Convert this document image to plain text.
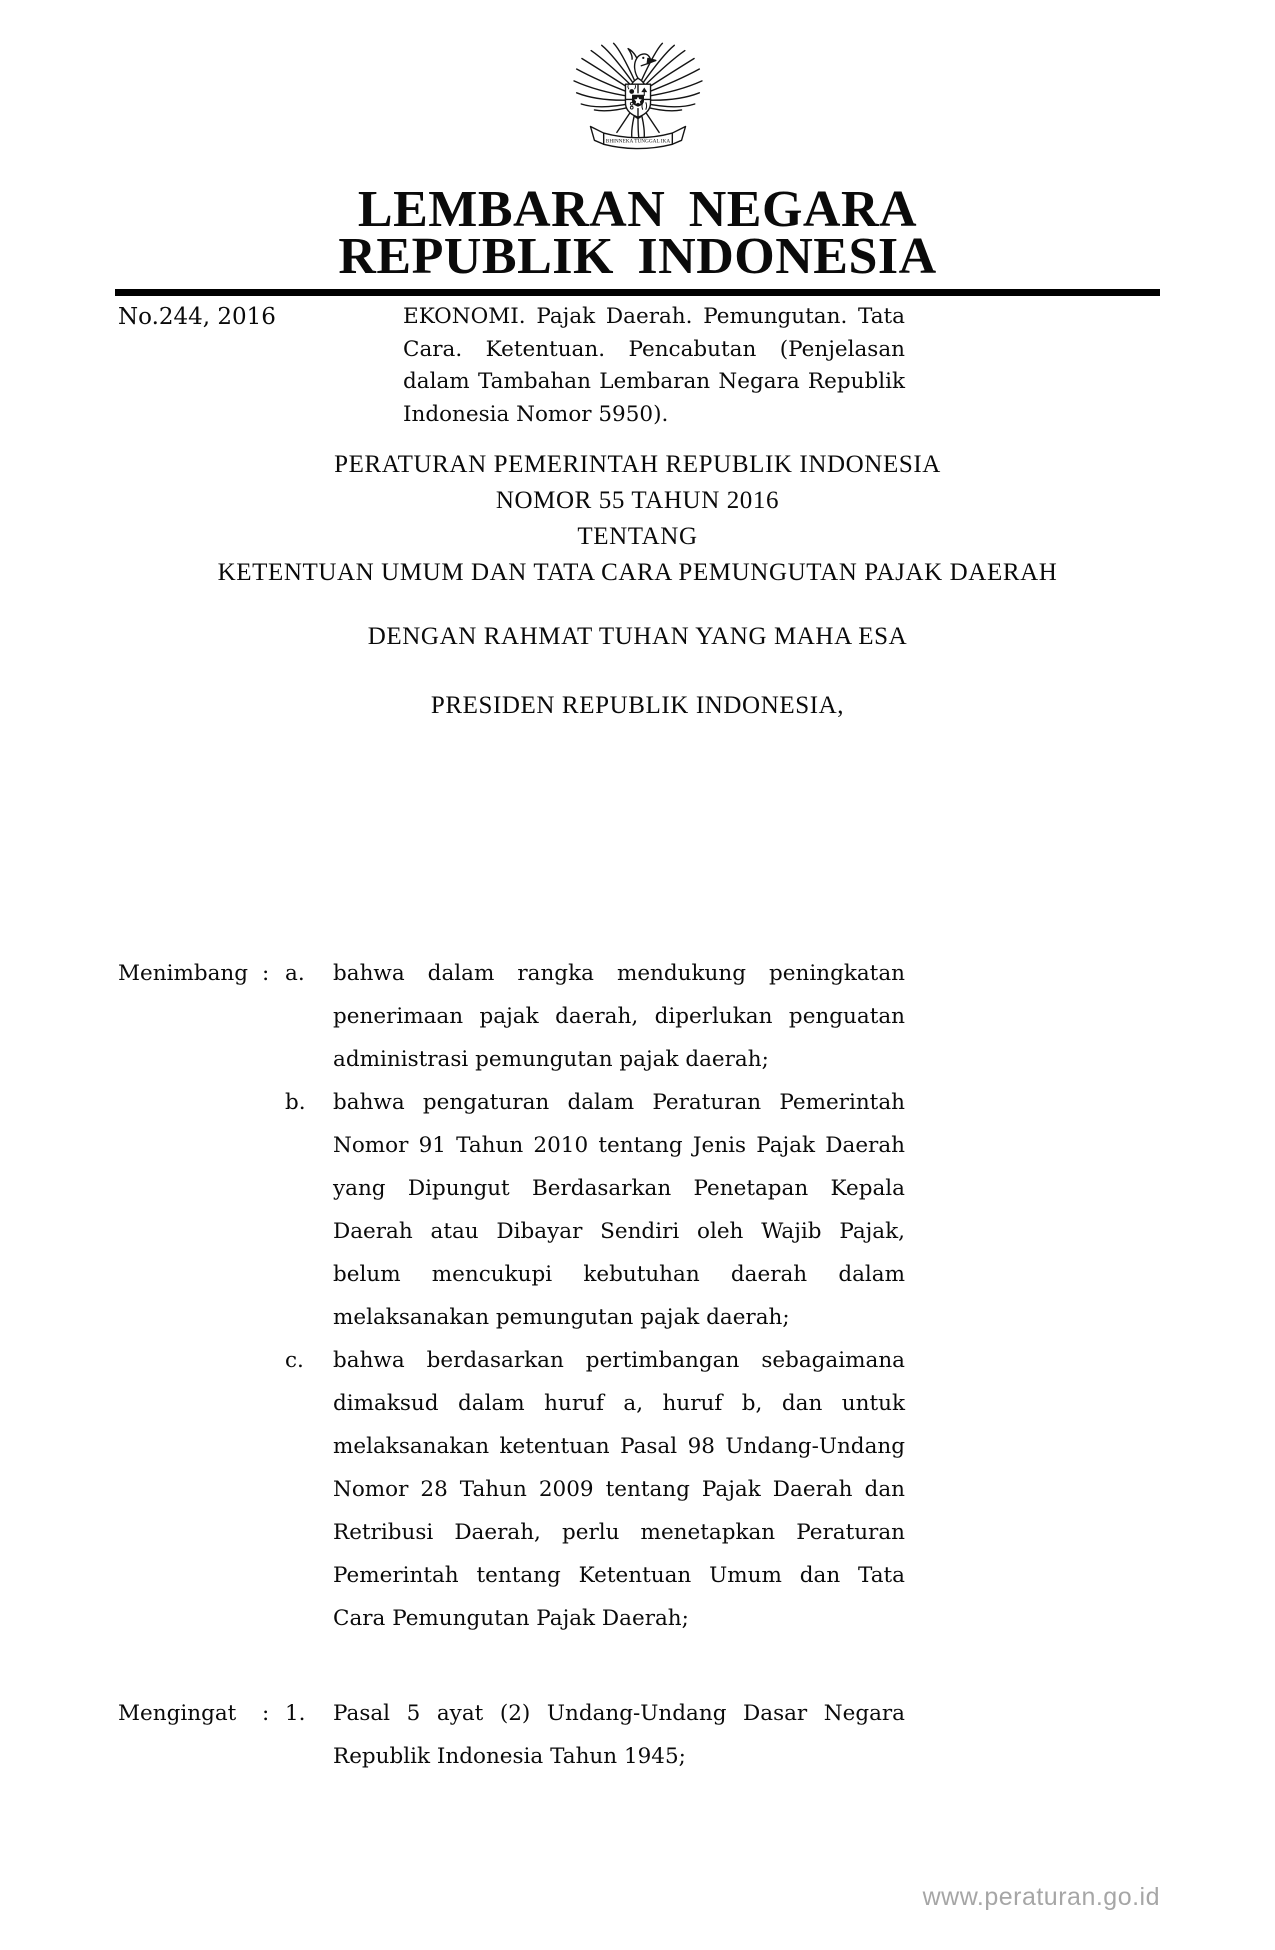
BHINNEKA TUNGGAL IKA
LEMBARAN NEGARA
REPUBLIK INDONESIA
No.244, 2016	EKONOMI. Pajak Daerah. Pemungutan. Tata Cara. Ketentuan. Pencabutan (Penjelasan dalam Tambahan Lembaran Negara Republik Indonesia Nomor 5950).
PERATURAN PEMERINTAH REPUBLIK INDONESIA
NOMOR 55 TAHUN 2016
TENTANG
KETENTUAN UMUM DAN TATA CARA PEMUNGUTAN PAJAK DAERAH
DENGAN RAHMAT TUHAN YANG MAHA ESA
PRESIDEN REPUBLIK INDONESIA,
Menimbang : a.	bahwa dalam rangka mendukung peningkatan penerimaan pajak daerah, diperlukan penguatan administrasi pemungutan pajak daerah;
b.	bahwa pengaturan dalam Peraturan Pemerintah Nomor 91 Tahun 2010 tentang Jenis Pajak Daerah yang Dipungut Berdasarkan Penetapan Kepala Daerah atau Dibayar Sendiri oleh Wajib Pajak, belum mencukupi kebutuhan daerah dalam melaksanakan pemungutan pajak daerah;
c.	bahwa berdasarkan pertimbangan sebagaimana dimaksud dalam huruf a, huruf b, dan untuk melaksanakan ketentuan Pasal 98 Undang-Undang Nomor 28 Tahun 2009 tentang Pajak Daerah dan Retribusi Daerah, perlu menetapkan Peraturan Pemerintah tentang Ketentuan Umum dan Tata Cara Pemungutan Pajak Daerah;
Mengingat	: 1.	Pasal 5 ayat (2) Undang-Undang Dasar Negara Republik Indonesia Tahun 1945;
www.peraturan.go.id
